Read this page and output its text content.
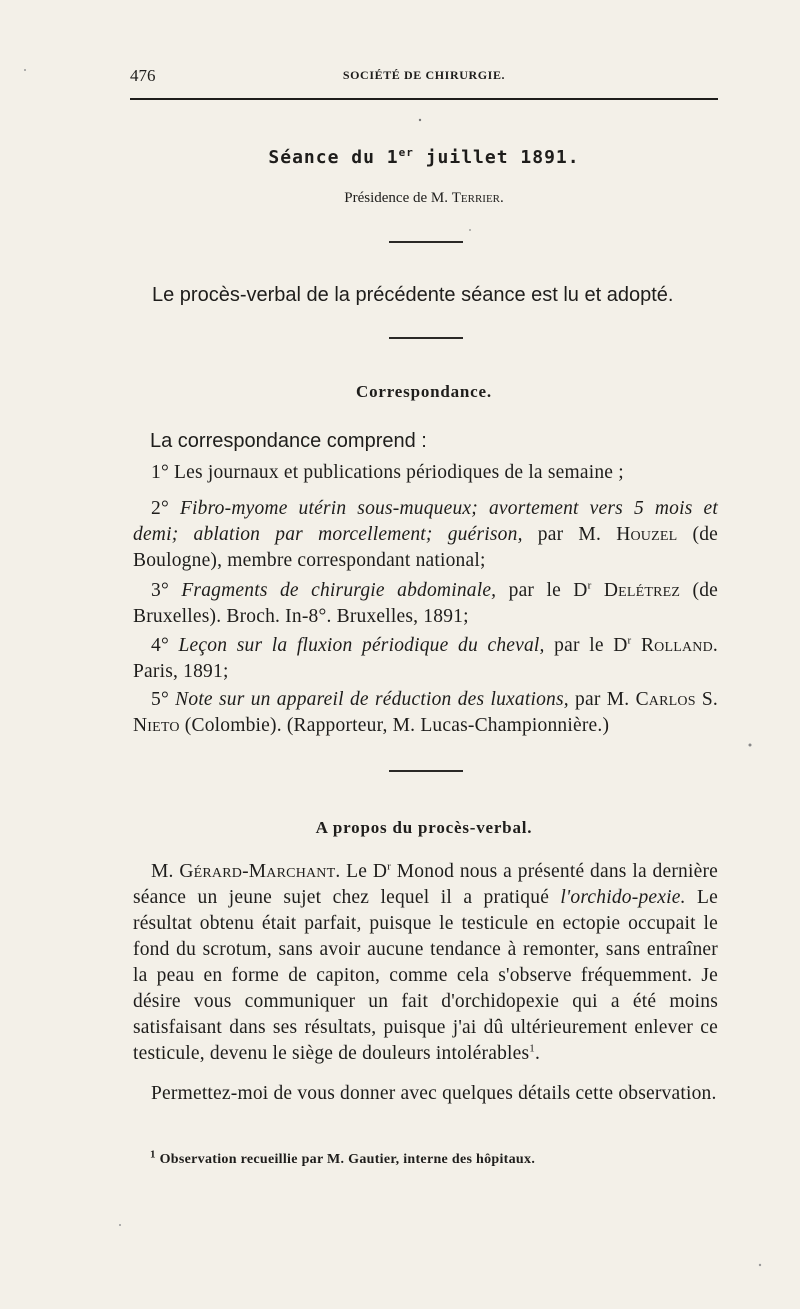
476	SOCIÉTÉ DE CHIRURGIE.
Séance du 1er juillet 1891.
Présidence de M. Terrier.
Le procès-verbal de la précédente séance est lu et adopté.
Correspondance.
La correspondance comprend :
1° Les journaux et publications périodiques de la semaine ;
2° Fibro-myome utérin sous-muqueux; avortement vers 5 mois et demi; ablation par morcellement; guérison, par M. Houzel (de Boulogne), membre correspondant national;
3° Fragments de chirurgie abdominale, par le $D^r$ Delétrez (de Bruxelles). Broch. In-8°. Bruxelles, 1891;
4° Leçon sur la fluxion périodique du cheval, par le $D^r$ Rolland. Paris, 1891;
5° Note sur un appareil de réduction des luxations, par M. Carlos S. Nieto (Colombie). (Rapporteur, M. Lucas-Championnière.)
A propos du procès-verbal.
M. Gérard-Marchant. Le $D^r$ Monod nous a présenté dans la dernière séance un jeune sujet chez lequel il a pratiqué l'orchido-pexie. Le résultat obtenu était parfait, puisque le testicule en ectopie occupait le fond du scrotum, sans avoir aucune tendance à remonter, sans entraîner la peau en forme de capiton, comme cela s'observe fréquemment. Je désire vous communiquer un fait d'orchidopexie qui a été moins satisfaisant dans ses résultats, puisque j'ai dû ultérieurement enlever ce testicule, devenu le siège de douleurs intolérables$^1$.
Permettez-moi de vous donner avec quelques détails cette observation.
$^1$ Observation recueillie par M. Gautier, interne des hôpitaux.
